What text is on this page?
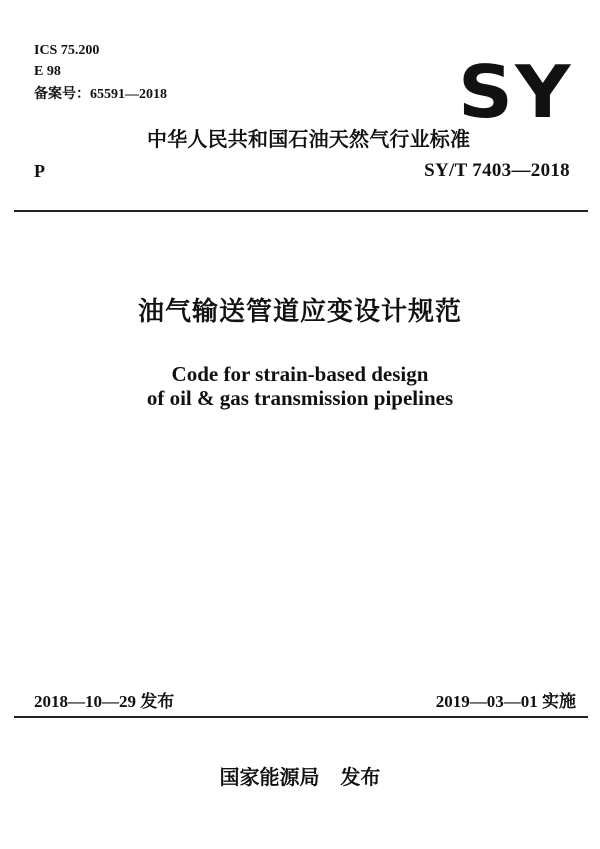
ICS 75.200
E 98
备案号：65591—2018	SY
中华人民共和国石油天然气行业标准
P	SY/T 7403—2018
油气输送管道应变设计规范
Code for strain-based design
of oil & gas transmission pipelines
2018—10—29 发布	2019—03—01 实施
国家能源局   发布
